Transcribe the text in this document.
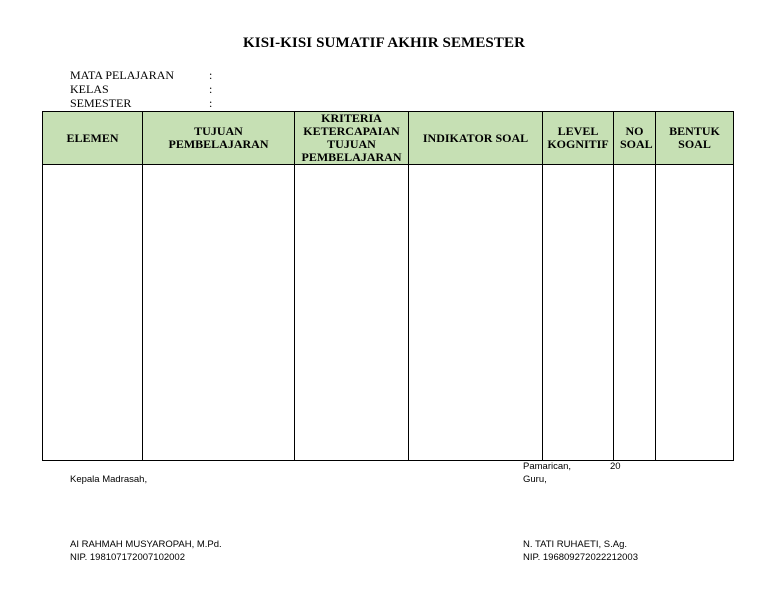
KISI-KISI SUMATIF AKHIR SEMESTER
MATA PELAJARAN	:
KELAS	:
SEMESTER	:
ELEMEN	TUJUAN PEMBELAJARAN	KRITERIA KETERCAPAIAN TUJUAN PEMBELAJARAN	INDIKATOR SOAL	LEVEL KOGNITIF	NO SOAL	BENTUK SOAL

Pamarican,	20
Guru,
Kepala Madrasah,
AI RAHMAH MUSYAROPAH, M.Pd.
NIP. 198107172007102002
N. TATI RUHAETI, S.Ag.
NIP. 196809272022212003
